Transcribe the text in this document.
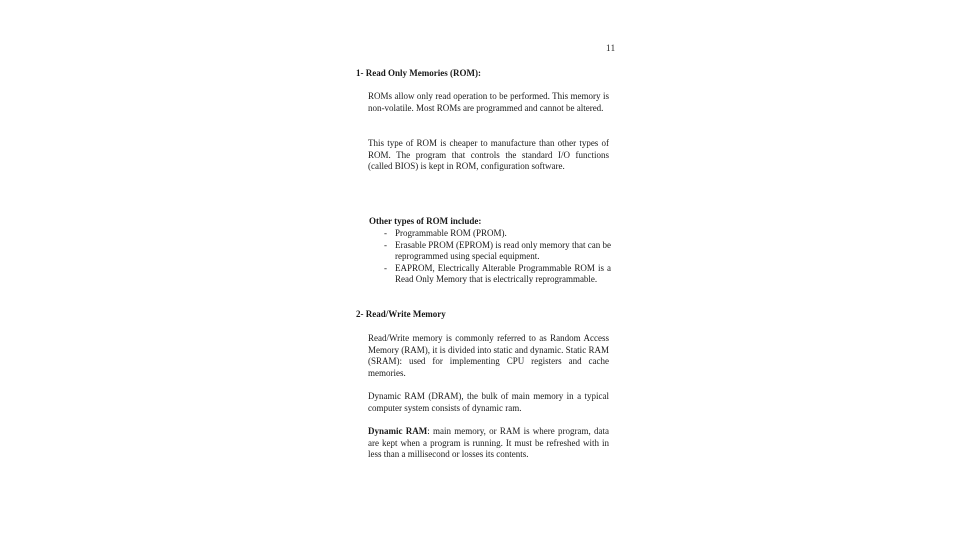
11
1- Read Only Memories (ROM):

ROMs allow only read operation to be performed. This memory is non-volatile. Most ROMs are programmed and cannot be altered.

This type of ROM is cheaper to manufacture than other types of ROM. The program that controls the standard I/O functions (called BIOS) is kept in ROM, configuration software.

Other types of ROM include:
- Programmable ROM (PROM).
- Erasable PROM (EPROM) is read only memory that can be reprogrammed using special equipment.
- EAPROM, Electrically Alterable Programmable ROM is a Read Only Memory that is electrically reprogrammable.
2- Read/Write Memory

Read/Write memory is commonly referred to as Random Access Memory (RAM), it is divided into static and dynamic. Static RAM (SRAM): used for implementing CPU registers and cache memories.

Dynamic RAM (DRAM), the bulk of main memory in a typical computer system consists of dynamic ram.

Dynamic RAM: main memory, or RAM is where program, data are kept when a program is running. It must be refreshed with in less than a millisecond or losses its contents.
